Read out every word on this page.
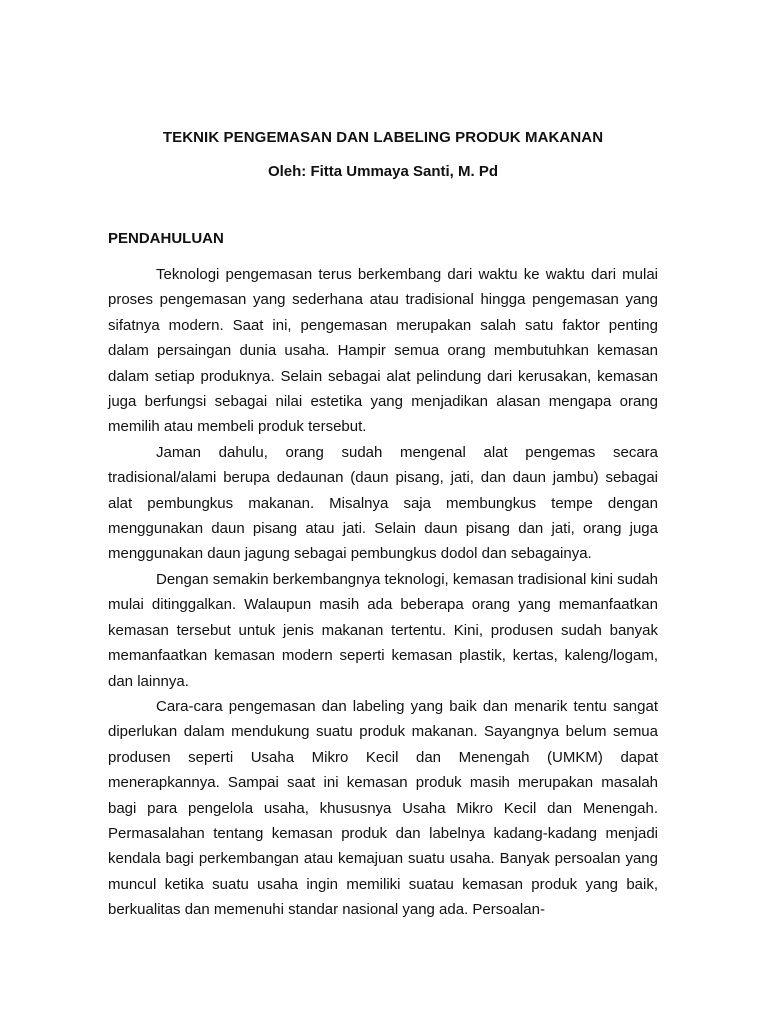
TEKNIK PENGEMASAN DAN LABELING PRODUK MAKANAN

Oleh: Fitta Ummaya Santi, M. Pd

PENDAHULUAN

Teknologi pengemasan terus berkembang dari waktu ke waktu dari mulai proses pengemasan yang sederhana atau tradisional hingga pengemasan yang sifatnya modern. Saat ini, pengemasan merupakan salah satu faktor penting dalam persaingan dunia usaha. Hampir semua orang membutuhkan kemasan dalam setiap produknya. Selain sebagai alat pelindung dari kerusakan, kemasan juga berfungsi sebagai nilai estetika yang menjadikan alasan mengapa orang memilih atau membeli produk tersebut.

Jaman dahulu, orang sudah mengenal alat pengemas secara tradisional/alami berupa dedaunan (daun pisang, jati, dan daun jambu) sebagai alat pembungkus makanan. Misalnya saja membungkus tempe dengan menggunakan daun pisang atau jati. Selain daun pisang dan jati, orang juga menggunakan daun jagung sebagai pembungkus dodol dan sebagainya.

Dengan semakin berkembangnya teknologi, kemasan tradisional kini sudah mulai ditinggalkan. Walaupun masih ada beberapa orang yang memanfaatkan kemasan tersebut untuk jenis makanan tertentu. Kini, produsen sudah banyak memanfaatkan kemasan modern seperti kemasan plastik, kertas, kaleng/logam, dan lainnya.

Cara-cara pengemasan dan labeling yang baik dan menarik tentu sangat diperlukan dalam mendukung suatu produk makanan. Sayangnya belum semua produsen seperti Usaha Mikro Kecil dan Menengah (UMKM) dapat menerapkannya. Sampai saat ini kemasan produk masih merupakan masalah bagi para pengelola usaha, khususnya Usaha Mikro Kecil dan Menengah. Permasalahan tentang kemasan produk dan labelnya kadang-kadang menjadi kendala bagi perkembangan atau kemajuan suatu usaha. Banyak persoalan yang muncul ketika suatu usaha ingin memiliki suatau kemasan produk yang baik, berkualitas dan memenuhi standar nasional yang ada. Persoalan-
